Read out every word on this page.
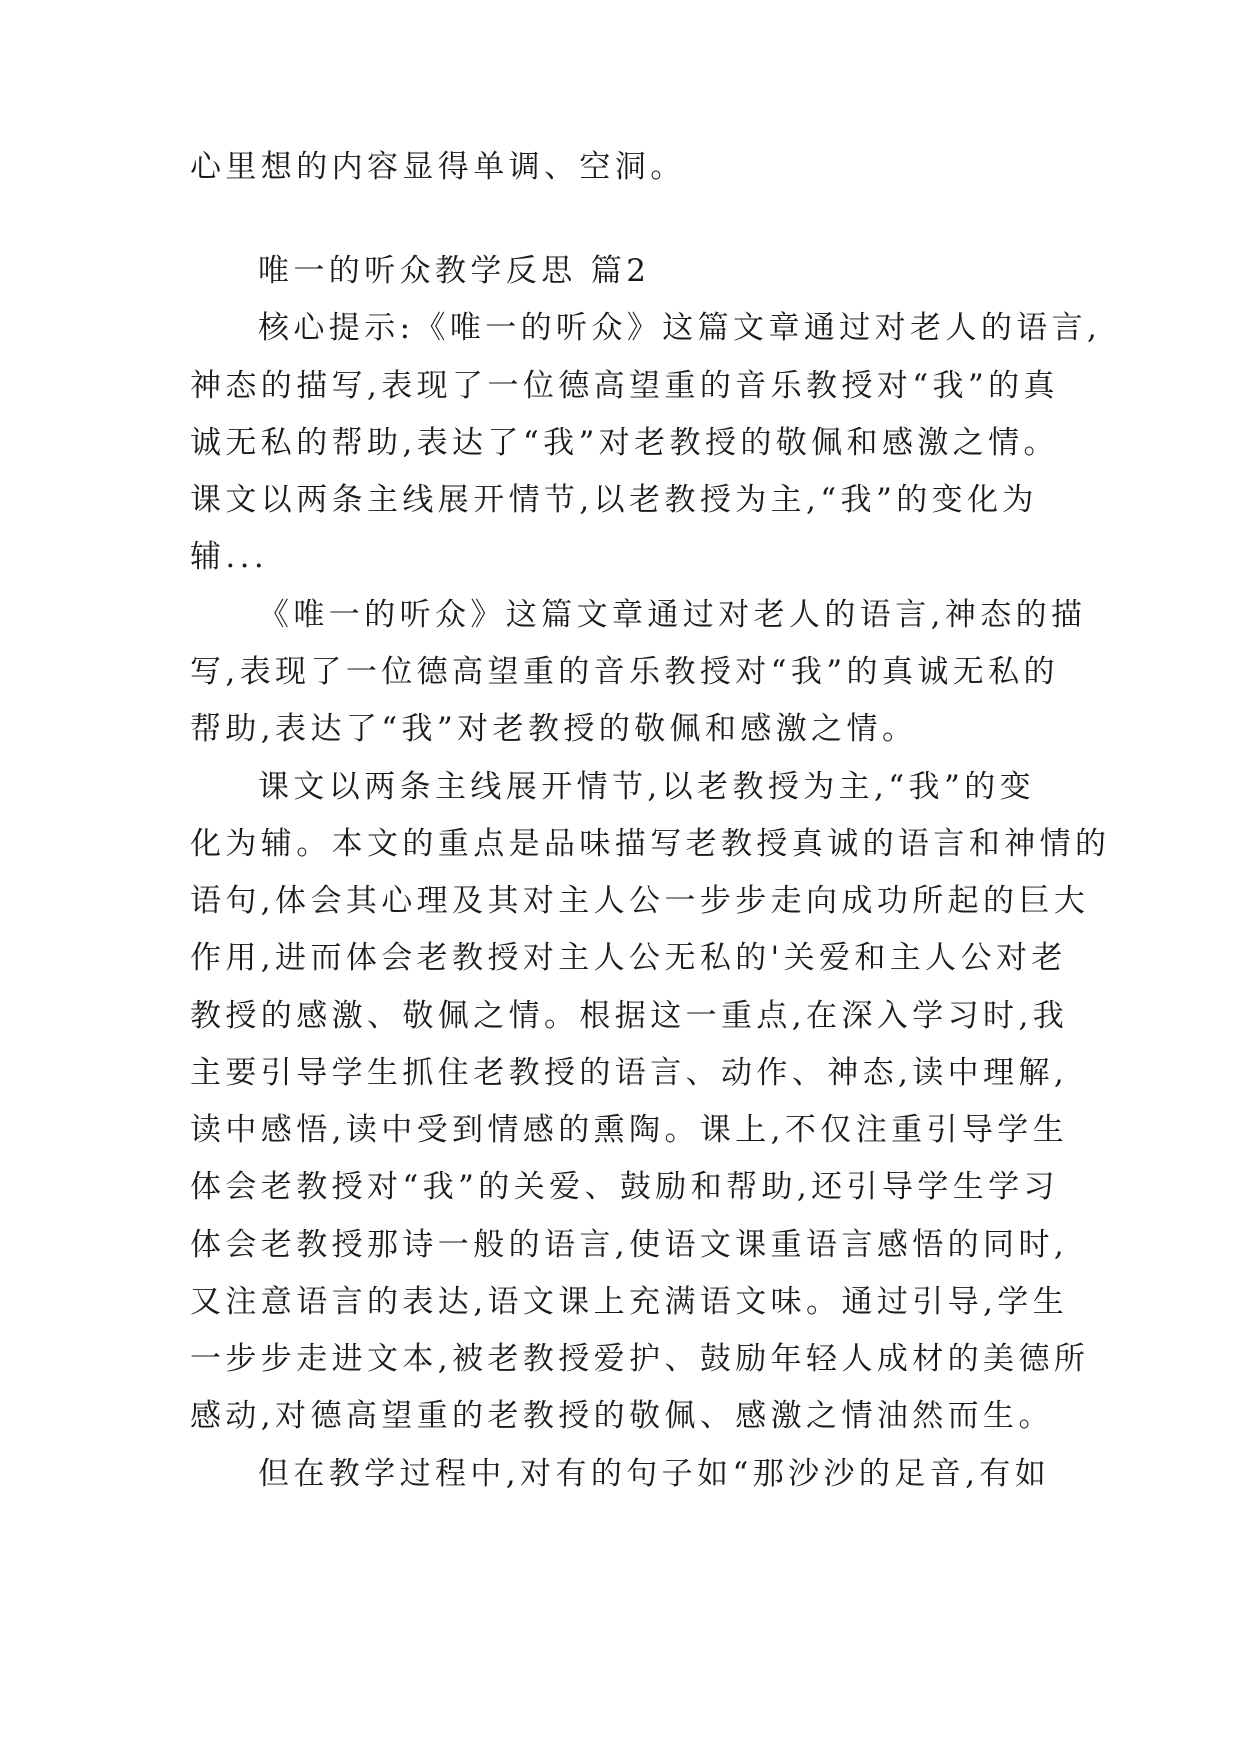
心里想的内容显得单调、空洞。
唯一的听众教学反思 篇2
核心提示:《唯一的听众》这篇文章通过对老人的语言,
神态的描写,表现了一位德高望重的音乐教授对“我”的真
诚无私的帮助,表达了“我”对老教授的敬佩和感激之情。
课文以两条主线展开情节,以老教授为主,“我”的变化为
辅...
《唯一的听众》这篇文章通过对老人的语言,神态的描
写,表现了一位德高望重的音乐教授对“我”的真诚无私的
帮助,表达了“我”对老教授的敬佩和感激之情。
课文以两条主线展开情节,以老教授为主,“我”的变
化为辅。本文的重点是品味描写老教授真诚的语言和神情的
语句,体会其心理及其对主人公一步步走向成功所起的巨大
作用,进而体会老教授对主人公无私的'关爱和主人公对老
教授的感激、敬佩之情。根据这一重点,在深入学习时,我
主要引导学生抓住老教授的语言、动作、神态,读中理解,
读中感悟,读中受到情感的熏陶。课上,不仅注重引导学生
体会老教授对“我”的关爱、鼓励和帮助,还引导学生学习
体会老教授那诗一般的语言,使语文课重语言感悟的同时,
又注意语言的表达,语文课上充满语文味。通过引导,学生
一步步走进文本,被老教授爱护、鼓励年轻人成材的美德所
感动,对德高望重的老教授的敬佩、感激之情油然而生。
但在教学过程中,对有的句子如“那沙沙的足音,有如
